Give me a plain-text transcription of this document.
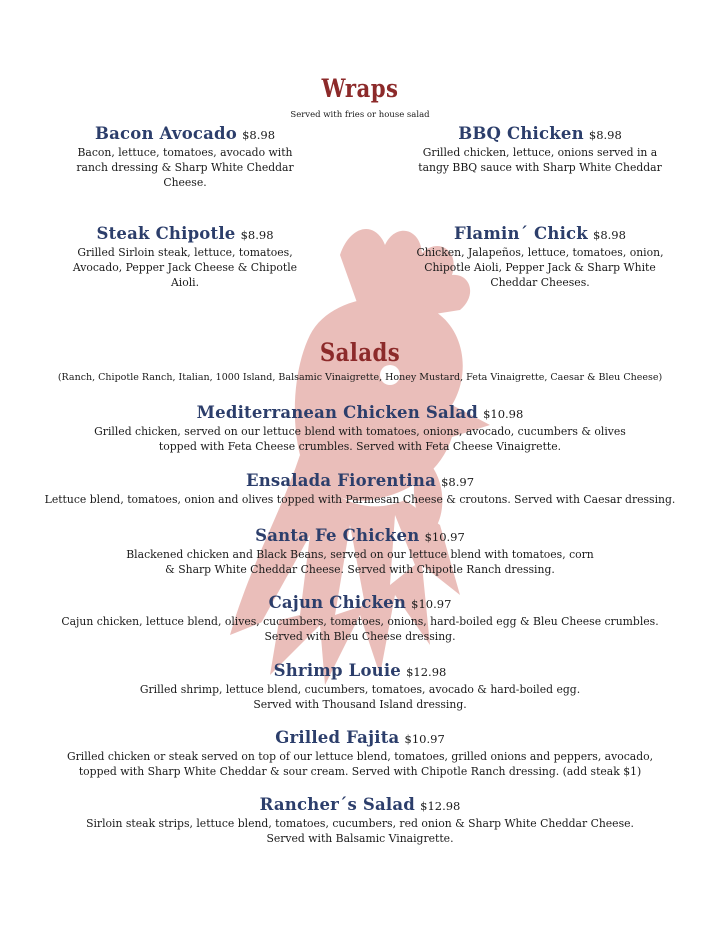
Wraps
Served with fries or house salad
Bacon Avocado $8.98
Bacon, lettuce, tomatoes, avocado with
ranch dressing & Sharp White Cheddar
Cheese.
BBQ Chicken $8.98
Grilled chicken, lettuce, onions served in a
tangy BBQ sauce with Sharp White Cheddar
Steak Chipotle $8.98
Grilled Sirloin steak, lettuce, tomatoes,
Avocado, Pepper Jack Cheese & Chipotle
Aioli.
Flamin´ Chick $8.98
Chicken, Jalapeños, lettuce, tomatoes, onion,
Chipotle Aioli, Pepper Jack & Sharp White
Cheddar Cheeses.
Salads
(Ranch, Chipotle Ranch, Italian, 1000 Island, Balsamic Vinaigrette, Honey Mustard, Feta Vinaigrette, Caesar & Bleu Cheese)
Mediterranean Chicken Salad $10.98
Grilled chicken, served on our lettuce blend with tomatoes, onions, avocado, cucumbers & olives
topped with Feta Cheese crumbles. Served with Feta Cheese Vinaigrette.
Ensalada Fiorentina $8.97
Lettuce blend, tomatoes, onion and olives topped with Parmesan Cheese & croutons. Served with Caesar dressing.
Santa Fe Chicken $10.97
Blackened chicken and Black Beans, served on our lettuce blend with tomatoes, corn
& Sharp White Cheddar Cheese. Served with Chipotle Ranch dressing.
Cajun Chicken $10.97
Cajun chicken, lettuce blend, olives, cucumbers, tomatoes, onions, hard-boiled egg & Bleu Cheese crumbles.
Served with Bleu Cheese dressing.
Shrimp Louie $12.98
Grilled shrimp, lettuce blend, cucumbers, tomatoes, avocado & hard-boiled egg.
Served with Thousand Island dressing.
Grilled Fajita $10.97
Grilled chicken or steak served on top of our lettuce blend, tomatoes, grilled onions and peppers, avocado,
topped with Sharp White Cheddar & sour cream. Served with Chipotle Ranch dressing. (add steak $1)
Rancher´s Salad $12.98
Sirloin steak strips, lettuce blend, tomatoes, cucumbers, red onion & Sharp White Cheddar Cheese.
Served with Balsamic Vinaigrette.
